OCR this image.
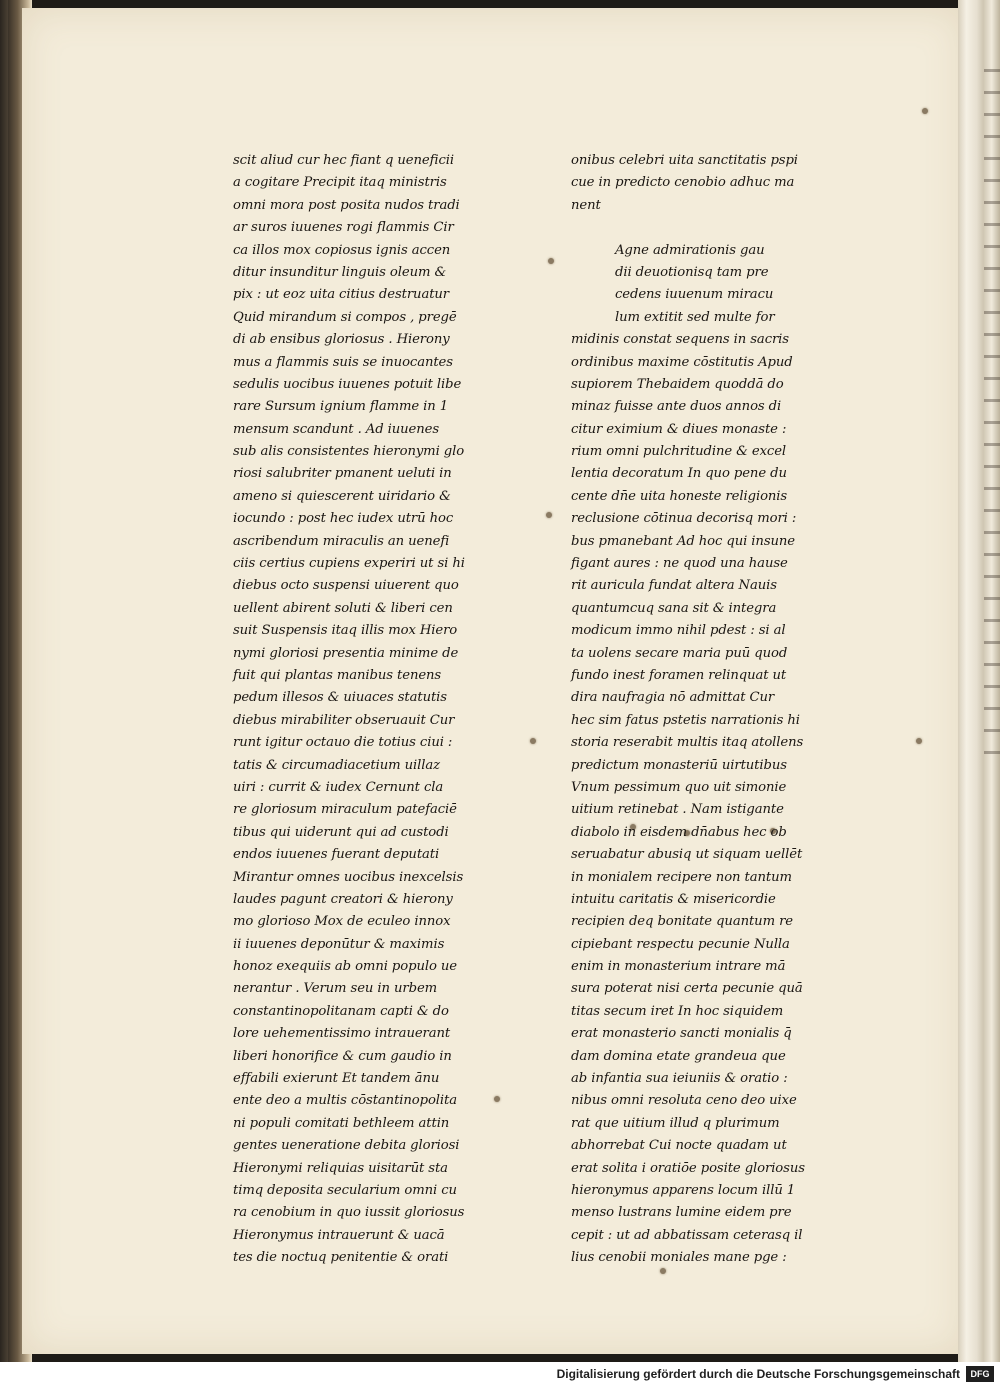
scit aliud cur hec fiant q ueneficii
a cogitare Precipit itaq ministris
omni mora post posita nudos tradi
ar suros iuuenes rogi flammis Cir
ca illos mox copiosus ignis accen
ditur insunditur linguis oleum &
pix : ut eoz uita citius destruatur
Quid mirandum si compos , pregē
di ab ensibus gloriosus . Hierony
mus a flammis suis se inuocantes
sedulis uocibus iuuenes potuit libe
rare Sursum ignium flamme in 1
mensum scandunt . Ad iuuenes
sub alis consistentes hieronymi glo
riosi salubriter pmanent ueluti in
ameno si quiescerent uiridario &
iocundo : post hec iudex utrū hoc
ascribendum miraculis an uenefi
ciis certius cupiens experiri ut si hi
diebus octo suspensi uiuerent quo
uellent abirent soluti & liberi cen
suit Suspensis itaq illis mox Hiero
nymi gloriosi presentia minime de
fuit qui plantas manibus tenens
pedum illesos & uiuaces statutis
diebus mirabiliter obseruauit Cur
runt igitur octauo die totius ciui :
tatis & circumadiacetium uillaz
uiri : currit & iudex Cernunt cla
re gloriosum miraculum patefaciē
tibus qui uiderunt qui ad custodi
endos iuuenes fuerant deputati
Mirantur omnes uocibus inexcelsis
laudes pagunt creatori & hierony
mo glorioso Mox de eculeo innox
ii iuuenes deponūtur & maximis
honoz exequiis ab omni populo ue
nerantur . Verum seu in urbem
constantinopolitanam capti & do
lore uehementissimo intrauerant
liberi honorifice & cum gaudio in
effabili exierunt Et tandem ānu
ente deo a multis cōstantinopolita
ni populi comitati bethleem attin
gentes ueneratione debita gloriosi
Hieronymi reliquias uisitarūt sta
timq deposita secularium omni cu
ra cenobium in quo iussit gloriosus
Hieronymus intrauerunt & uacā
tes die noctuq penitentie & orati
onibus celebri uita sanctitatis pspi
cue in predicto cenobio adhuc ma
nent
Agne admirationis gau
dii deuotionisq tam pre
cedens iuuenum miracu
lum extitit sed multe for
midinis constat sequens in sacris
ordinibus maxime cōstitutis Apud
supiorem Thebaidem quoddā do
minaz fuisse ante duos annos di
citur eximium & diues monaste :
rium omni pulchritudine & excel
lentia decoratum In quo pene du
cente dn̄e uita honeste religionis
reclusione cōtinua decorisq mori :
bus pmanebant Ad hoc qui insune
figant aures : ne quod una hause
rit auricula fundat altera Nauis
quantumcuq sana sit & integra
modicum immo nihil pdest : si al
ta uolens secare maria puū quod
fundo inest foramen relinquat ut
dira naufragia nō admittat Cur
hec sim fatus pstetis narrationis hi
storia reserabit multis itaq atollens
predictum monasteriū uirtutibus
Vnum pessimum quo uit simonie
uitium retinebat . Nam istigante
diabolo in eisdem dn̄abus hec ob
seruabatur abusiq ut siquam uellēt
in monialem recipere non tantum
intuitu caritatis & misericordie
recipien deq bonitate quantum re
cipiebant respectu pecunie Nulla
enim in monasterium intrare mā
sura poterat nisi certa pecunie quā
titas secum iret In hoc siquidem
erat monasterio sancti monialis q̄
dam domina etate grandeua que
ab infantia sua ieiuniis & oratio :
nibus omni resoluta ceno deo uixe
rat que uitium illud q plurimum
abhorrebat Cui nocte quadam ut
erat solita i oratiōe posite gloriosus
hieronymus apparens locum illū 1
menso lustrans lumine eidem pre
cepit : ut ad abbatissam ceterasq il
lius cenobii moniales mane pge :
Digitalisierung gefördert durch die Deutsche Forschungsgemeinschaft	DFG
